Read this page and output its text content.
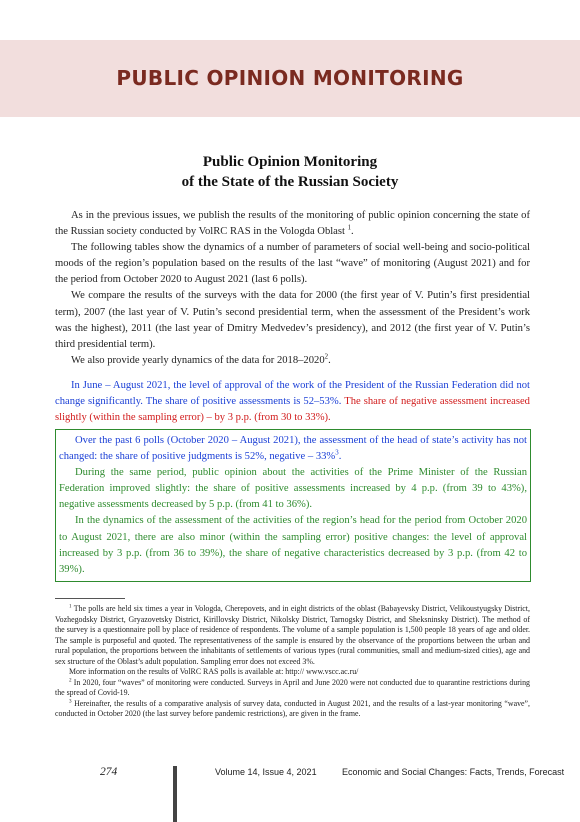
PUBLIC OPINION MONITORING
Public Opinion Monitoring
of the State of the Russian Society

As in the previous issues, we publish the results of the monitoring of public opinion concerning the state of the Russian society conducted by VolRC RAS in the Vologda Oblast $^1$.

The following tables show the dynamics of a number of parameters of social well-being and socio-political moods of the region’s population based on the results of the last “wave” of monitoring (August 2021) and for the period from October 2020 to August 2021 (last 6 polls).

We compare the results of the surveys with the data for 2000 (the first year of V. Putin’s first presidential term), 2007 (the last year of V. Putin’s second presidential term, when the assessment of the President’s work was the highest), 2011 (the last year of Dmitry Medvedev’s presidency), and 2012 (the first year of V. Putin’s third presidential term).

We also provide yearly dynamics of the data for 2018–2020$^2$.

In June – August 2021, the level of approval of the work of the President of the Russian Federation did not change significantly. The share of positive assessments is 52–53%. The share of negative assessment increased slightly (within the sampling error) – by 3 p.p. (from 30 to 33%).

Over the past 6 polls (October 2020 – August 2021), the assessment of the head of state’s activity has not changed: the share of positive judgments is 52%, negative – 33%$^3$.

During the same period, public opinion about the activities of the Prime Minister of the Russian Federation improved slightly: the share of positive assessments increased by 4 p.p. (from 39 to 43%), negative assessments decreased by 5 p.p. (from 41 to 36%).

In the dynamics of the assessment of the activities of the region’s head for the period from October 2020 to August 2021, there are also minor (within the sampling error) positive changes: the level of approval increased by 3 p.p. (from 36 to 39%), the share of negative characteristics decreased by 3 p.p. (from 42 to 39%).

$^1$ The polls are held six times a year in Vologda, Cherepovets, and in eight districts of the oblast (Babayevsky District, Velikoustyugsky District, Vozhegodsky District, Gryazovetsky District, Kirillovsky District, Nikolsky District, Tarnogsky District, and Sheksninsky District). The method of the survey is a questionnaire poll by place of residence of respondents. The volume of a sample population is 1,500 people 18 years of age and older. The sample is purposeful and quoted. The representativeness of the sample is ensured by the observance of the proportions between the urban and rural population, the proportions between the inhabitants of settlements of various types (rural communities, small and medium-sized cities), age and sex structure of the Oblast’s adult population. Sampling error does not exceed 3%.

More information on the results of VolRC RAS polls is available at: http:// www.vscc.ac.ru/

$^2$ In 2020, four “waves” of monitoring were conducted. Surveys in April and June 2020 were not conducted due to quarantine restrictions during the spread of Covid-19.

$^3$ Hereinafter, the results of a comparative analysis of survey data, conducted in August 2021, and the results of a last-year monitoring “wave”, conducted in October 2020 (the last survey before pandemic restrictions), are given in the frame.

274	Volume 14, Issue 4, 2021	Economic and Social Changes: Facts, Trends, Forecast
